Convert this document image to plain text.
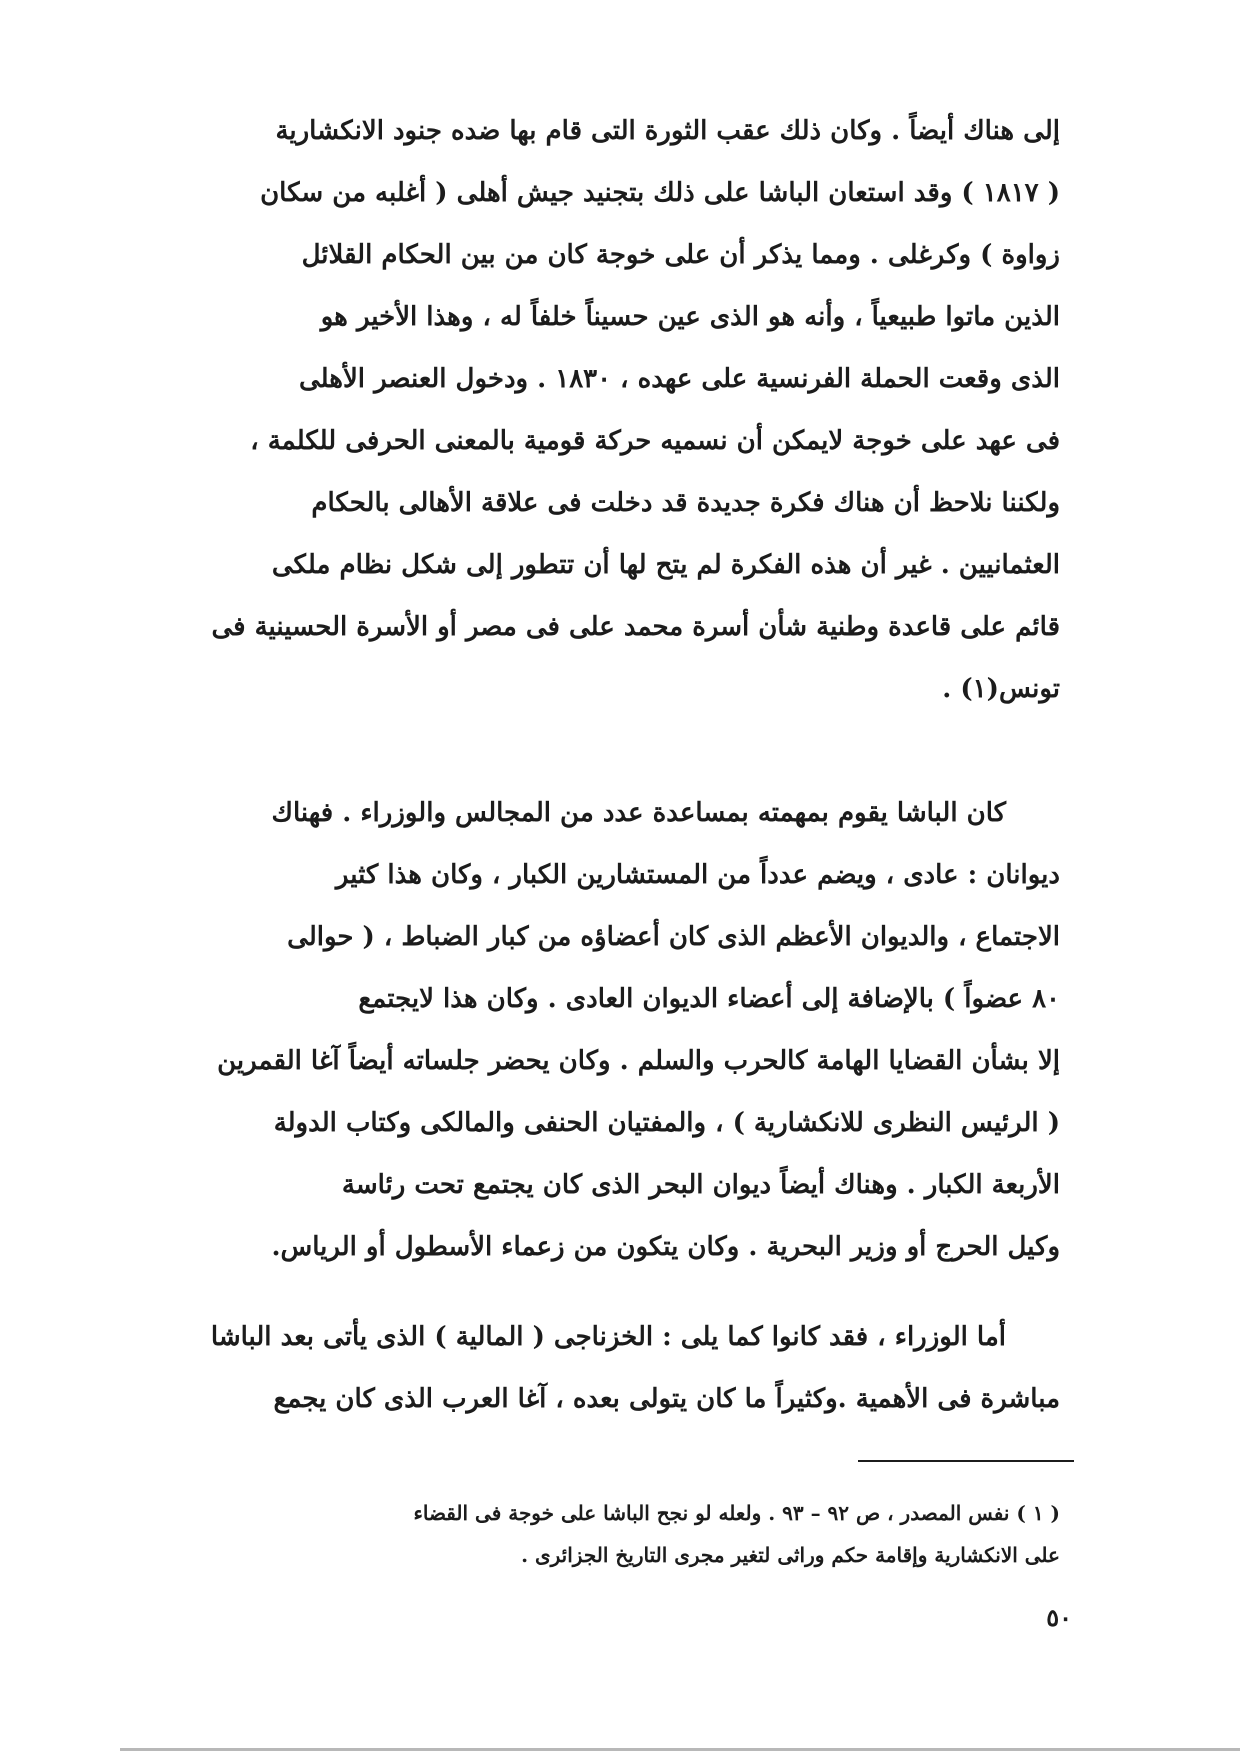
إلى هناك أيضاً . وكان ذلك عقب الثورة التى قام بها ضده جنود الانكشارية
( ١٨١٧ ) وقد استعان الباشا على ذلك بتجنيد جيش أهلى ( أغلبه من سكان
زواوة ) وكرغلى . ومما يذكر أن على خوجة كان من بين الحكام القلائل
الذين ماتوا طبيعياً ، وأنه هو الذى عين حسيناً خلفاً له ، وهذا الأخير هو
الذى وقعت الحملة الفرنسية على عهده ، ١٨٣٠ . ودخول العنصر الأهلى
فى عهد على خوجة لايمكن أن نسميه حركة قومية بالمعنى الحرفى للكلمة ،
ولكننا نلاحظ أن هناك فكرة جديدة قد دخلت فى علاقة الأهالى بالحكام
العثمانيين . غير أن هذه الفكرة لم يتح لها أن تتطور إلى شكل نظام ملكى
قائم على قاعدة وطنية شأن أسرة محمد على فى مصر أو الأسرة الحسينية فى
تونس(١) .
كان الباشا يقوم بمهمته بمساعدة عدد من المجالس والوزراء . فهناك
ديوانان : عادى ، ويضم عدداً من المستشارين الكبار ، وكان هذا كثير
الاجتماع ، والديوان الأعظم الذى كان أعضاؤه من كبار الضباط ، ( حوالى
٨٠ عضواً ) بالإضافة إلى أعضاء الديوان العادى . وكان هذا لايجتمع
إلا بشأن القضايا الهامة كالحرب والسلم . وكان يحضر جلساته أيضاً آغا القمرين
( الرئيس النظرى للانكشارية ) ، والمفتيان الحنفى والمالكى وكتاب الدولة
الأربعة الكبار . وهناك أيضاً ديوان البحر الذى كان يجتمع تحت رئاسة
وكيل الحرج أو وزير البحرية . وكان يتكون من زعماء الأسطول أو الرياس.
أما الوزراء ، فقد كانوا كما يلى : الخزناجى ( المالية ) الذى يأتى بعد الباشا
مباشرة فى الأهمية .وكثيراً ما كان يتولى بعده ، آغا العرب الذى كان يجمع
( ١ ) نفس المصدر ، ص ٩٢ – ٩٣ . ولعله لو نجح الباشا على خوجة فى القضاء
على الانكشارية وإقامة حكم وراثى لتغير مجرى التاريخ الجزائرى .
٥٠
